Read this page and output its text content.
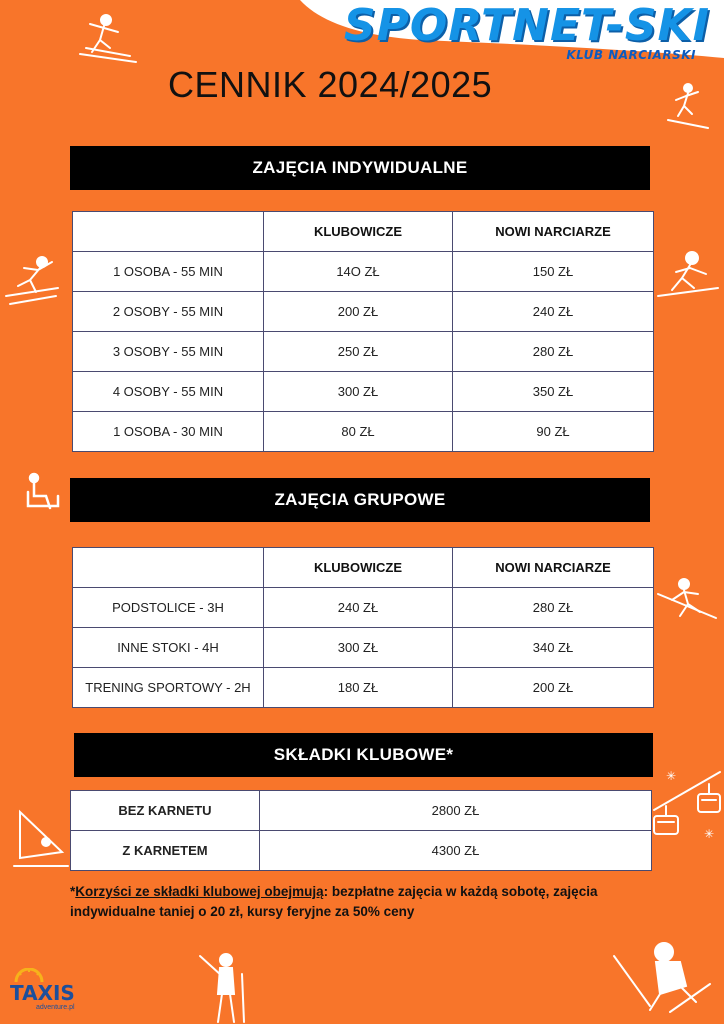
SPORTNET-SKI
KLUB NARCIARSKI
CENNIK 2024/2025
✳
✳
ZAJĘCIA INDYWIDUALNE
	KLUBOWICZE	NOWI NARCIARZE
1 OSOBA - 55 MIN	14O ZŁ	150 ZŁ
2 OSOBY - 55 MIN	200 ZŁ	240 ZŁ
3 OSOBY - 55 MIN	250 ZŁ	280 ZŁ
4 OSOBY - 55 MIN	300 ZŁ	350 ZŁ
1 OSOBA - 30 MIN	80 ZŁ	90 ZŁ
ZAJĘCIA GRUPOWE
	KLUBOWICZE	NOWI NARCIARZE
PODSTOLICE - 3H	240 ZŁ	280 ZŁ
INNE STOKI - 4H	300 ZŁ	340 ZŁ
TRENING SPORTOWY - 2H	180 ZŁ	200 ZŁ
SKŁADKI KLUBOWE*
BEZ KARNETU	2800 ZŁ
Z KARNETEM	4300 ZŁ

*Korzyści ze składki klubowej obejmują: bezpłatne zajęcia w każdą sobotę, zajęcia indywidualne taniej o 20 zł, kursy feryjne za 50% ceny

TAXIS
adventure.pl
